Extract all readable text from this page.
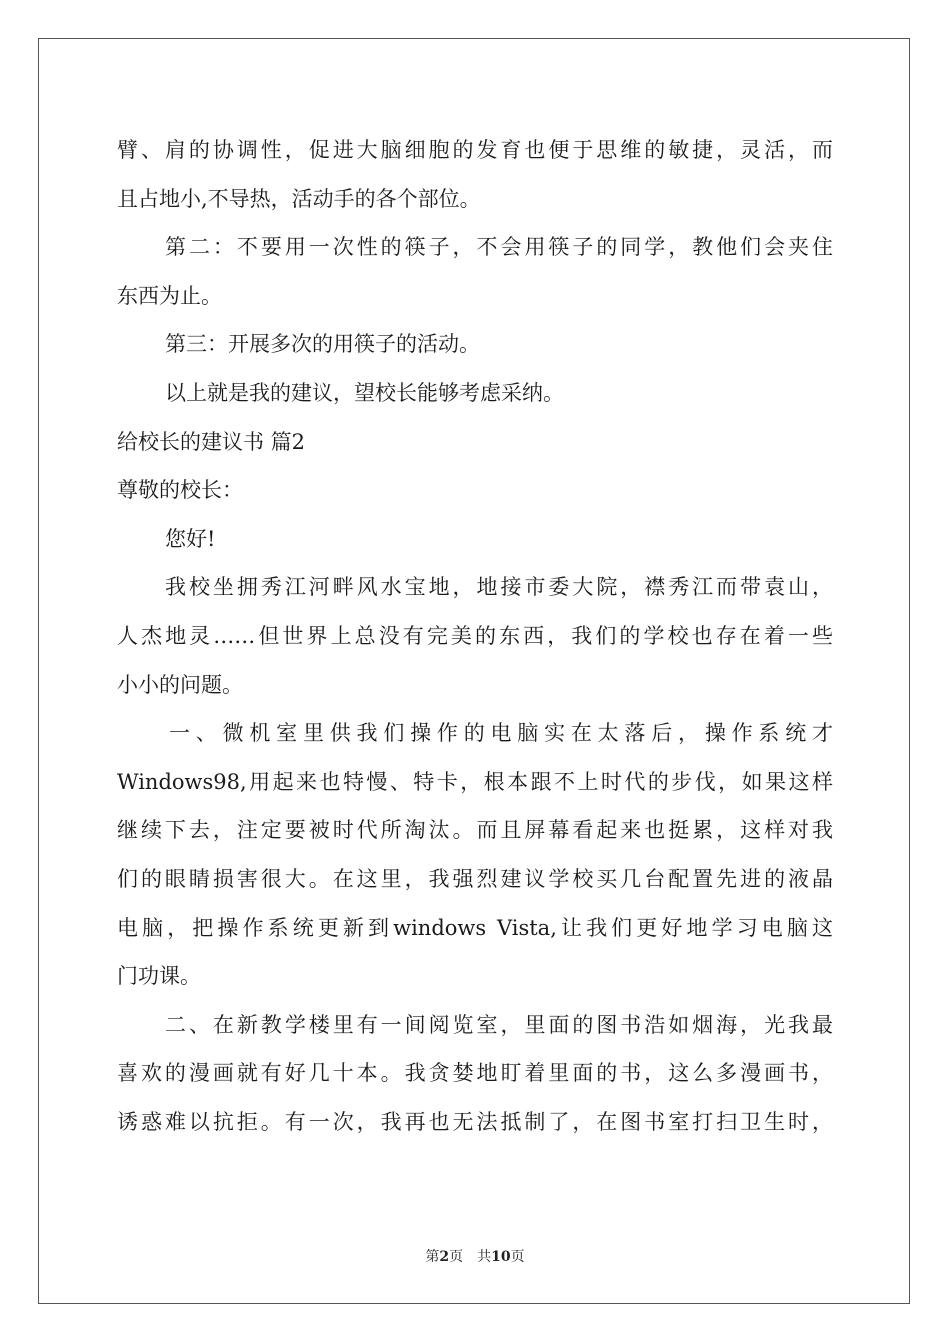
臂、肩的协调性，促进大脑细胞的发育也便于思维的敏捷，灵活，而
且占地小,不导热，活动手的各个部位。
第二：不要用一次性的筷子，不会用筷子的同学，教他们会夹住
东西为止。
第三：开展多次的用筷子的活动。
以上就是我的建议，望校长能够考虑采纳。
给校长的建议书 篇2
尊敬的校长：
您好!
我校坐拥秀江河畔风水宝地，地接市委大院，襟秀江而带袁山，
人杰地灵……但世界上总没有完美的东西，我们的学校也存在着一些
小小的问题。
一、微机室里供我们操作的电脑实在太落后，操作系统才
Windows98,用起来也特慢、特卡，根本跟不上时代的步伐，如果这样
继续下去，注定要被时代所淘汰。而且屏幕看起来也挺累，这样对我
们的眼睛损害很大。在这里，我强烈建议学校买几台配置先进的液晶
电脑，把操作系统更新到windows Vista,让我们更好地学习电脑这
门功课。
二、在新教学楼里有一间阅览室，里面的图书浩如烟海，光我最
喜欢的漫画就有好几十本。我贪婪地盯着里面的书，这么多漫画书，
诱惑难以抗拒。有一次，我再也无法抵制了，在图书室打扫卫生时，
第2页 共10页
